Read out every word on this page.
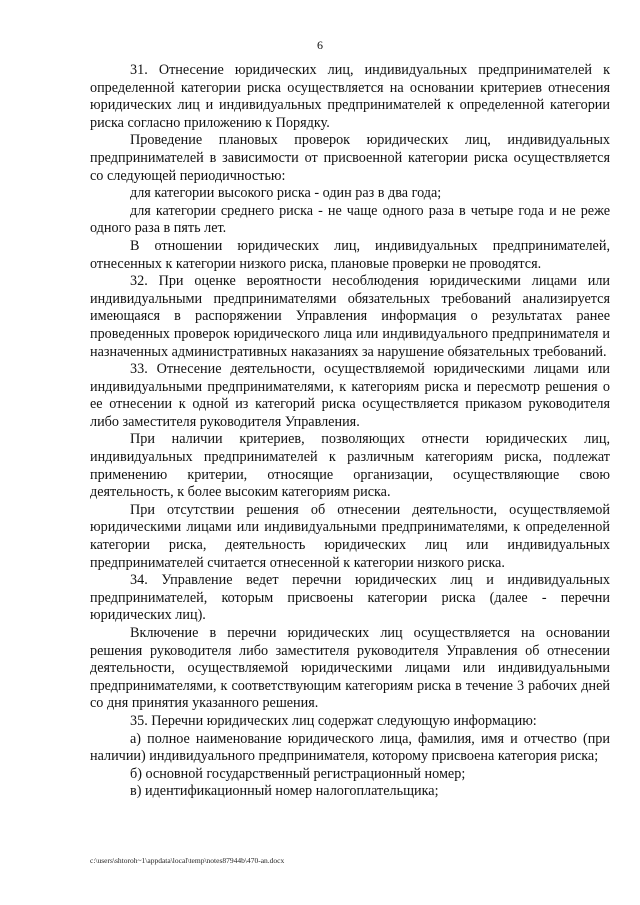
6

31. Отнесение юридических лиц, индивидуальных предпринимателей к определенной категории риска осуществляется на основании критериев отнесения юридических лиц и индивидуальных предпринимателей к определенной категории риска согласно приложению к Порядку.

Проведение плановых проверок юридических лиц, индивидуальных предпринимателей в зависимости от присвоенной категории риска осуществляется со следующей периодичностью:

для категории высокого риска - один раз в два года;

для категории среднего риска - не чаще одного раза в четыре года и не реже одного раза в пять лет.

В отношении юридических лиц, индивидуальных предпринимателей, отнесенных к категории низкого риска, плановые проверки не проводятся.

32. При оценке вероятности несоблюдения юридическими лицами или индивидуальными предпринимателями обязательных требований анализируется имеющаяся в распоряжении Управления информация о результатах ранее проведенных проверок юридического лица или индивидуального предпринимателя и назначенных административных наказаниях за нарушение обязательных требований.

33. Отнесение деятельности, осуществляемой юридическими лицами или индивидуальными предпринимателями, к категориям риска и пересмотр решения о ее отнесении к одной из категорий риска осуществляется приказом руководителя либо заместителя руководителя Управления.

При наличии критериев, позволяющих отнести юридических лиц, индивидуальных предпринимателей к различным категориям риска, подлежат применению критерии, относящие организации, осуществляющие свою деятельность, к более высоким категориям риска.

При отсутствии решения об отнесении деятельности, осуществляемой юридическими лицами или индивидуальными предпринимателями, к определенной категории риска, деятельность юридических лиц или индивидуальных предпринимателей считается отнесенной к категории низкого риска.

34. Управление ведет перечни юридических лиц и индивидуальных предпринимателей, которым присвоены категории риска (далее - перечни юридических лиц).

Включение в перечни юридических лиц осуществляется на основании решения руководителя либо заместителя руководителя Управления об отнесении деятельности, осуществляемой юридическими лицами или индивидуальными предпринимателями, к соответствующим категориям риска в течение 3 рабочих дней со дня принятия указанного решения.

35. Перечни юридических лиц содержат следующую информацию:

а) полное наименование юридического лица, фамилия, имя и отчество (при наличии) индивидуального предпринимателя, которому присвоена категория риска;

б) основной государственный регистрационный номер;

в) идентификационный номер налогоплательщика;

c:\users\shtoroh~1\appdata\local\temp\notes87944b\470-an.docx
